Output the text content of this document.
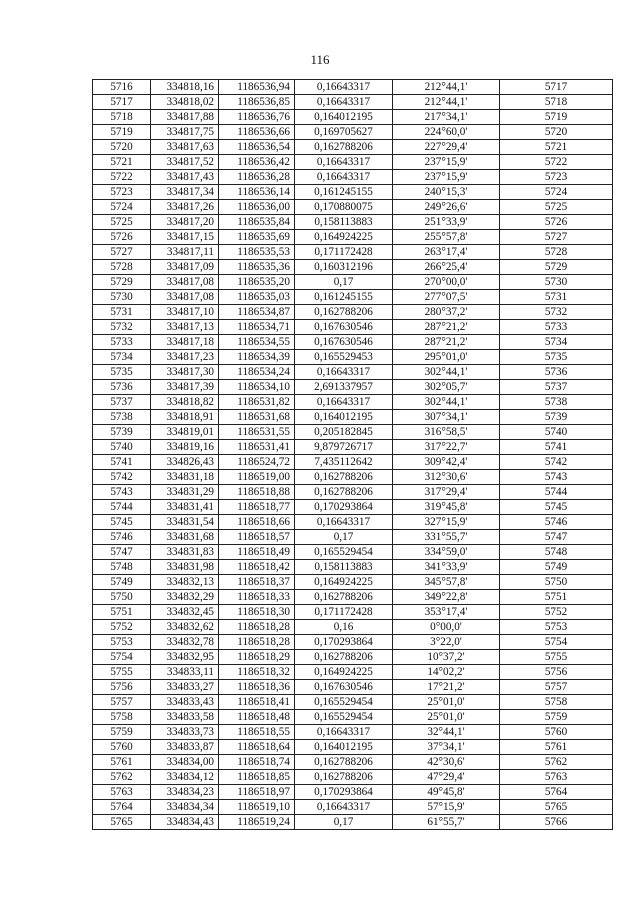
116
5716	334818,16	1186536,94	0,16643317	212°44,1'	5717
5717	334818,02	1186536,85	0,16643317	212°44,1'	5718
5718	334817,88	1186536,76	0,164012195	217°34,1'	5719
5719	334817,75	1186536,66	0,169705627	224°60,0'	5720
5720	334817,63	1186536,54	0,162788206	227°29,4'	5721
5721	334817,52	1186536,42	0,16643317	237°15,9'	5722
5722	334817,43	1186536,28	0,16643317	237°15,9'	5723
5723	334817,34	1186536,14	0,161245155	240°15,3'	5724
5724	334817,26	1186536,00	0,170880075	249°26,6'	5725
5725	334817,20	1186535,84	0,158113883	251°33,9'	5726
5726	334817,15	1186535,69	0,164924225	255°57,8'	5727
5727	334817,11	1186535,53	0,171172428	263°17,4'	5728
5728	334817,09	1186535,36	0,160312196	266°25,4'	5729
5729	334817,08	1186535,20	0,17	270°00,0'	5730
5730	334817,08	1186535,03	0,161245155	277°07,5'	5731
5731	334817,10	1186534,87	0,162788206	280°37,2'	5732
5732	334817,13	1186534,71	0,167630546	287°21,2'	5733
5733	334817,18	1186534,55	0,167630546	287°21,2'	5734
5734	334817,23	1186534,39	0,165529453	295°01,0'	5735
5735	334817,30	1186534,24	0,16643317	302°44,1'	5736
5736	334817,39	1186534,10	2,691337957	302°05,7'	5737
5737	334818,82	1186531,82	0,16643317	302°44,1'	5738
5738	334818,91	1186531,68	0,164012195	307°34,1'	5739
5739	334819,01	1186531,55	0,205182845	316°58,5'	5740
5740	334819,16	1186531,41	9,879726717	317°22,7'	5741
5741	334826,43	1186524,72	7,435112642	309°42,4'	5742
5742	334831,18	1186519,00	0,162788206	312°30,6'	5743
5743	334831,29	1186518,88	0,162788206	317°29,4'	5744
5744	334831,41	1186518,77	0,170293864	319°45,8'	5745
5745	334831,54	1186518,66	0,16643317	327°15,9'	5746
5746	334831,68	1186518,57	0,17	331°55,7'	5747
5747	334831,83	1186518,49	0,165529454	334°59,0'	5748
5748	334831,98	1186518,42	0,158113883	341°33,9'	5749
5749	334832,13	1186518,37	0,164924225	345°57,8'	5750
5750	334832,29	1186518,33	0,162788206	349°22,8'	5751
5751	334832,45	1186518,30	0,171172428	353°17,4'	5752
5752	334832,62	1186518,28	0,16	0°00,0'	5753
5753	334832,78	1186518,28	0,170293864	3°22,0'	5754
5754	334832,95	1186518,29	0,162788206	10°37,2'	5755
5755	334833,11	1186518,32	0,164924225	14°02,2'	5756
5756	334833,27	1186518,36	0,167630546	17°21,2'	5757
5757	334833,43	1186518,41	0,165529454	25°01,0'	5758
5758	334833,58	1186518,48	0,165529454	25°01,0'	5759
5759	334833,73	1186518,55	0,16643317	32°44,1'	5760
5760	334833,87	1186518,64	0,164012195	37°34,1'	5761
5761	334834,00	1186518,74	0,162788206	42°30,6'	5762
5762	334834,12	1186518,85	0,162788206	47°29,4'	5763
5763	334834,23	1186518,97	0,170293864	49°45,8'	5764
5764	334834,34	1186519,10	0,16643317	57°15,9'	5765
5765	334834,43	1186519,24	0,17	61°55,7'	5766
